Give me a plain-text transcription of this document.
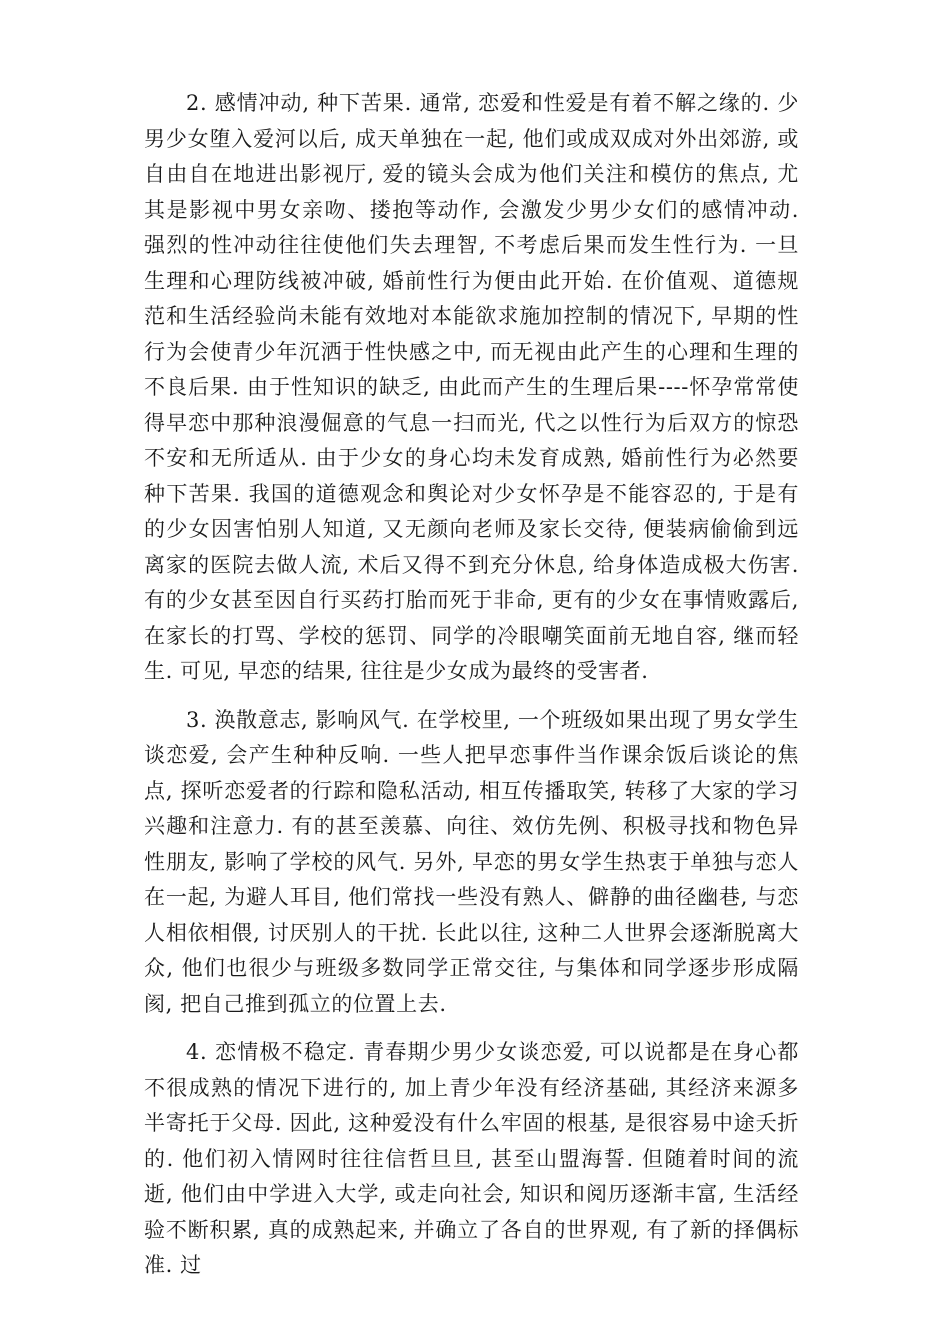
2. 感情冲动, 种下苦果. 通常, 恋爱和性爱是有着不解之缘的. 少男少女堕入爱河以后, 成天单独在一起, 他们或成双成对外出郊游, 或自由自在地进出影视厅, 爱的镜头会成为他们关注和模仿的焦点, 尤其是影视中男女亲吻、搂抱等动作, 会激发少男少女们的感情冲动. 强烈的性冲动往往使他们失去理智, 不考虑后果而发生性行为. 一旦生理和心理防线被冲破, 婚前性行为便由此开始. 在价值观、道德规范和生活经验尚未能有效地对本能欲求施加控制的情况下, 早期的性行为会使青少年沉洒于性快感之中, 而无视由此产生的心理和生理的不良后果. 由于性知识的缺乏, 由此而产生的生理后果----怀孕常常使得早恋中那种浪漫倔意的气息一扫而光, 代之以性行为后双方的惊恐不安和无所适从. 由于少女的身心均未发育成熟, 婚前性行为必然要种下苦果. 我国的道德观念和舆论对少女怀孕是不能容忍的, 于是有的少女因害怕别人知道, 又无颜向老师及家长交待, 便装病偷偷到远离家的医院去做人流, 术后又得不到充分休息, 给身体造成极大伤害. 有的少女甚至因自行买药打胎而死于非命, 更有的少女在事情败露后, 在家长的打骂、学校的惩罚、同学的冷眼嘲笑面前无地自容, 继而轻生. 可见, 早恋的结果, 往往是少女成为最终的受害者.

3. 涣散意志, 影响风气. 在学校里, 一个班级如果出现了男女学生谈恋爱, 会产生种种反响. 一些人把早恋事件当作课余饭后谈论的焦点, 探听恋爱者的行踪和隐私活动, 相互传播取笑, 转移了大家的学习兴趣和注意力. 有的甚至羡慕、向往、效仿先例、积极寻找和物色异性朋友, 影响了学校的风气. 另外, 早恋的男女学生热衷于单独与恋人在一起, 为避人耳目, 他们常找一些没有熟人、僻静的曲径幽巷, 与恋人相依相偎, 讨厌别人的干扰. 长此以往, 这种二人世界会逐渐脱离大众, 他们也很少与班级多数同学正常交往, 与集体和同学逐步形成隔阂, 把自己推到孤立的位置上去.

4. 恋情极不稳定. 青春期少男少女谈恋爱, 可以说都是在身心都不很成熟的情况下进行的, 加上青少年没有经济基础, 其经济来源多半寄托于父母. 因此, 这种爱没有什么牢固的根基, 是很容易中途夭折的. 他们初入情网时往往信哲旦旦, 甚至山盟海誓. 但随着时间的流逝, 他们由中学进入大学, 或走向社会, 知识和阅历逐渐丰富, 生活经验不断积累, 真的成熟起来, 并确立了各自的世界观, 有了新的择偶标准. 过
